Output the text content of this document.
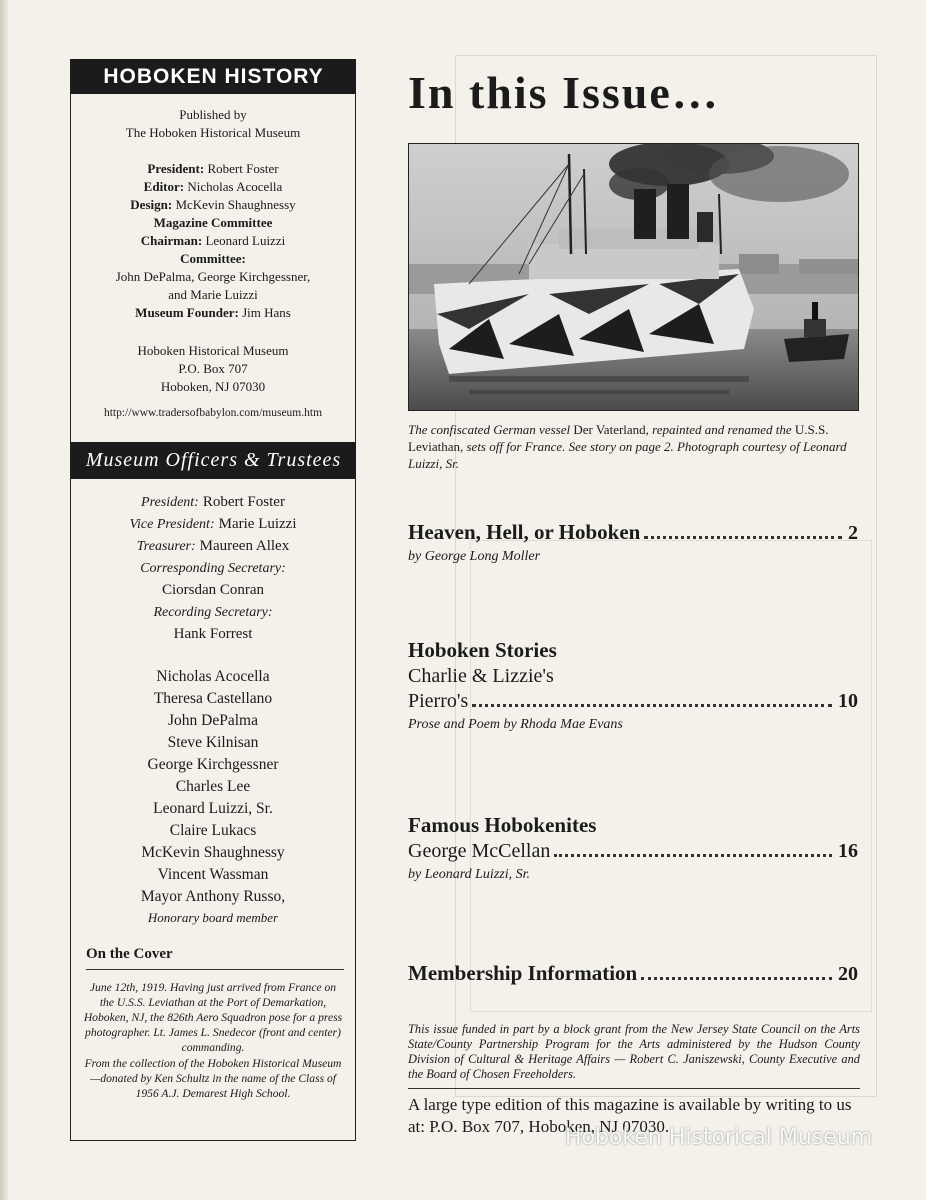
HOBOKEN HISTORY
Published by
The Hoboken Historical Museum
President: Robert Foster
Editor: Nicholas Acocella
Design: McKevin Shaughnessy
Magazine Committee
Chairman: Leonard Luizzi
Committee:
John DePalma, George Kirchgessner,
and Marie Luizzi
Museum Founder: Jim Hans
Hoboken Historical Museum
P.O. Box 707
Hoboken, NJ 07030
http://www.tradersofbabylon.com/museum.htm
Museum Officers & Trustees
President: Robert Foster
Vice President: Marie Luizzi
Treasurer: Maureen Allex
Corresponding Secretary:
Ciorsdan Conran
Recording Secretary:
Hank Forrest
Nicholas Acocella
Theresa Castellano
John DePalma
Steve Kilnisan
George Kirchgessner
Charles Lee
Leonard Luizzi, Sr.
Claire Lukacs
McKevin Shaughnessy
Vincent Wassman
Mayor Anthony Russo,
Honorary board member
On the Cover
June 12th, 1919. Having just arrived from France on the U.S.S. Leviathan at the Port of Demarkation, Hoboken, NJ, the 826th Aero Squadron pose for a press photographer. Lt. James L. Snedecor (front and center) commanding.
From the collection of the Hoboken Historical Museum—donated by Ken Schultz in the name of the Class of 1956 A.J. Demarest High School.
In this Issue…
The confiscated German vessel Der Vaterland, repainted and renamed the U.S.S. Leviathan, sets off for France. See story on page 2. Photograph courtesy of Leonard Luizzi, Sr.
Heaven, Hell, or Hoboken	2
by George Long Moller
Hoboken Stories
Charlie & Lizzie's
Pierro's	10
Prose and Poem by Rhoda Mae Evans
Famous Hobokenites
George McCellan	16
by Leonard Luizzi, Sr.
Membership Information	20
This issue funded in part by a block grant from the New Jersey State Council on the Arts State/County Partnership Program for the Arts administered by the Hudson County Division of Cultural & Heritage Affairs — Robert C. Janiszewski, County Executive and the Board of Chosen Freeholders.
A large type edition of this magazine is available by writing to us at: P.O. Box 707, Hoboken, NJ 07030.
Hoboken Historical Museum
